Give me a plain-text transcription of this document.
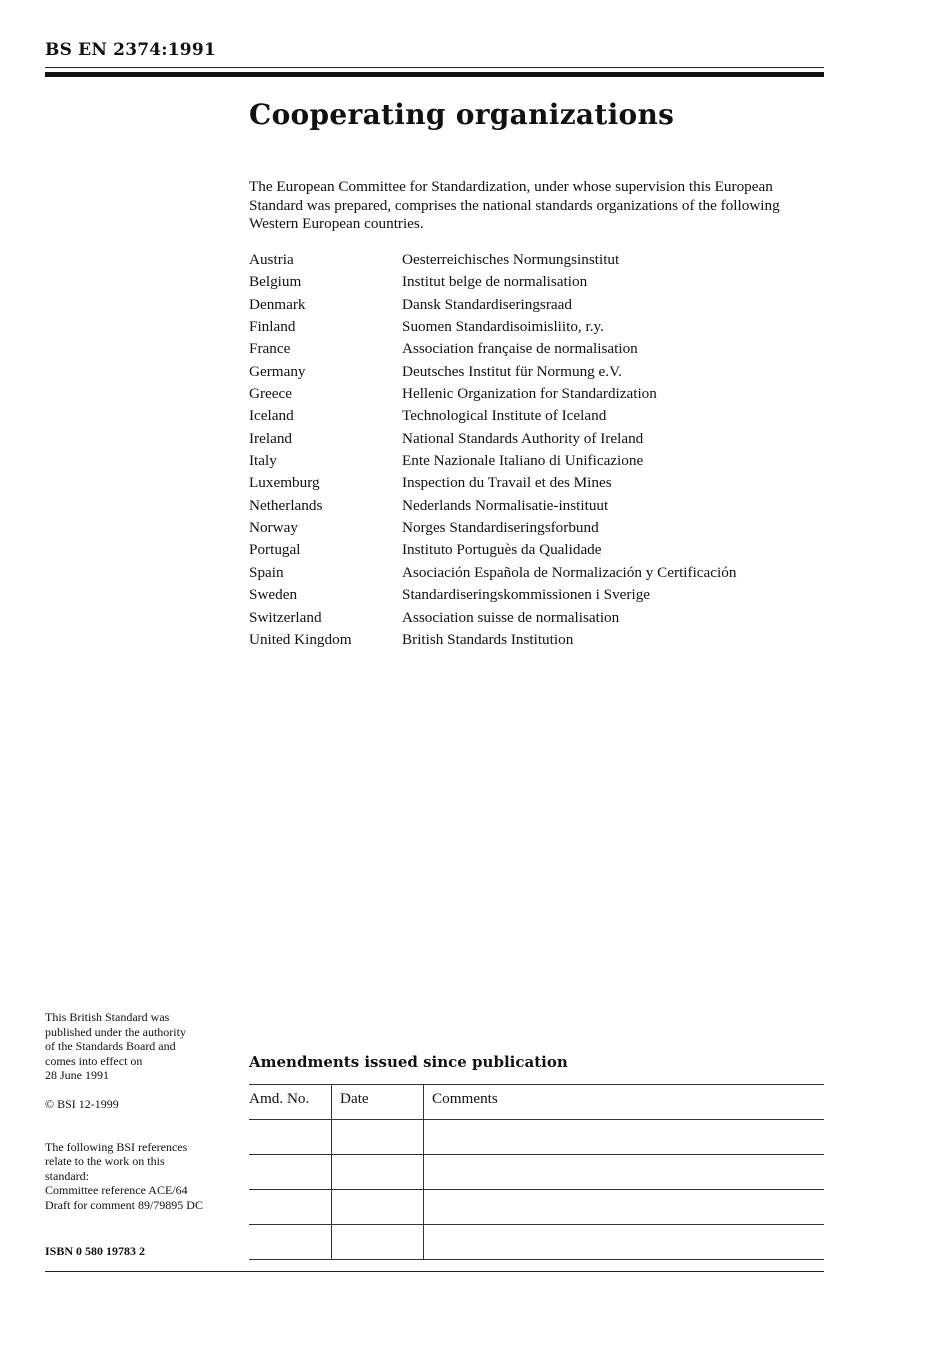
BS EN 2374:1991
Cooperating organizations

The European Committee for Standardization, under whose supervision this European Standard was prepared, comprises the national standards organizations of the following Western European countries.

Austria	Oesterreichisches Normungsinstitut
Belgium	Institut belge de normalisation
Denmark	Dansk Standardiseringsraad
Finland	Suomen Standardisoimisliito, r.y.
France	Association française de normalisation
Germany	Deutsches Institut für Normung e.V.
Greece	Hellenic Organization for Standardization
Iceland	Technological Institute of Iceland
Ireland	National Standards Authority of Ireland
Italy	Ente Nazionale Italiano di Unificazione
Luxemburg	Inspection du Travail et des Mines
Netherlands	Nederlands Normalisatie-instituut
Norway	Norges Standardiseringsforbund
Portugal	Instituto Portuguès da Qualidade
Spain	Asociación Española de Normalización y Certificación
Sweden	Standardiseringskommissionen i Sverige
Switzerland	Association suisse de normalisation
United Kingdom	British Standards Institution

This British Standard was
published under the authority
of the Standards Board and
comes into effect on
28 June 1991

© BSI 12-1999

The following BSI references
relate to the work on this
standard:
Committee reference ACE/64
Draft for comment 89/79895 DC

ISBN 0 580 19783 2
Amendments issued since publication
Amd. No.	Date	Comments
